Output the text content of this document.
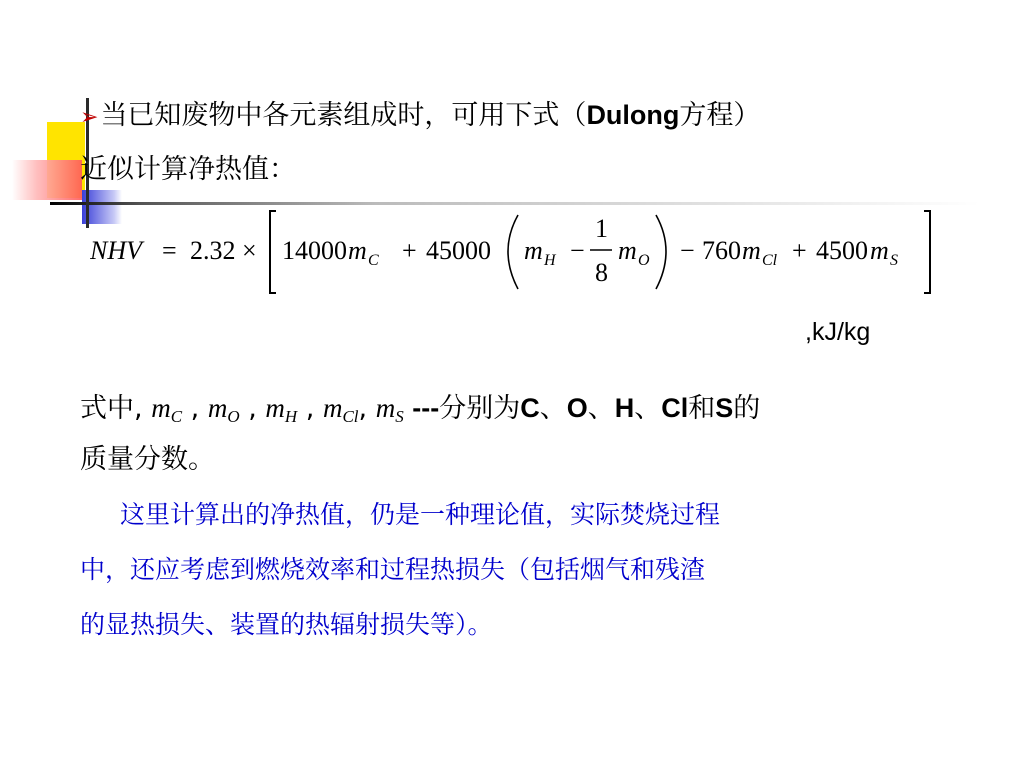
➢当已知废物中各元素组成时，可用下式（Dulong方程）
近似计算净热值：
NHV = 2.32 × 14000 m C + 45000 m H −
1
8
m O − 760 m Cl + 4500 m S
,kJ/kg
式中, mC , mO , mH , mCl, mS ---分别为C、O、H、Cl和S的
质量分数。
这里计算出的净热值，仍是一种理论值，实际焚烧过程
中，还应考虑到燃烧效率和过程热损失（包括烟气和残渣
的显热损失、装置的热辐射损失等）。
